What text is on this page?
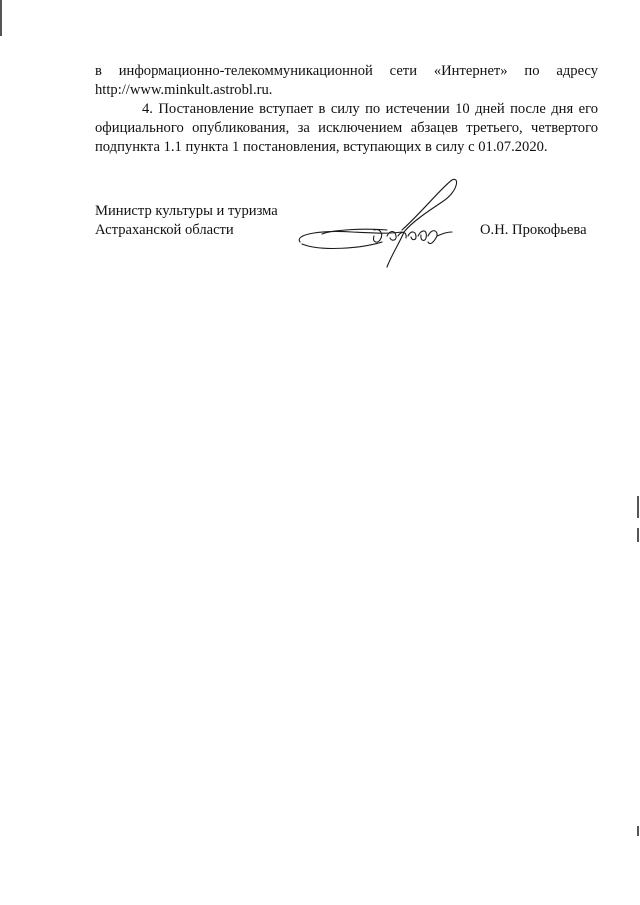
в информационно-телекоммуникационной сети «Интернет» по адресу
http://www.minkult.astrobl.ru.

4. Постановление вступает в силу по истечении 10 дней после дня его
официального опубликования, за исключением абзацев третьего, четвертого
подпункта 1.1 пункта 1 постановления, вступающих в силу с 01.07.2020.

Министр культуры и туризма
Астраханской области	О.Н. Прокофьева
